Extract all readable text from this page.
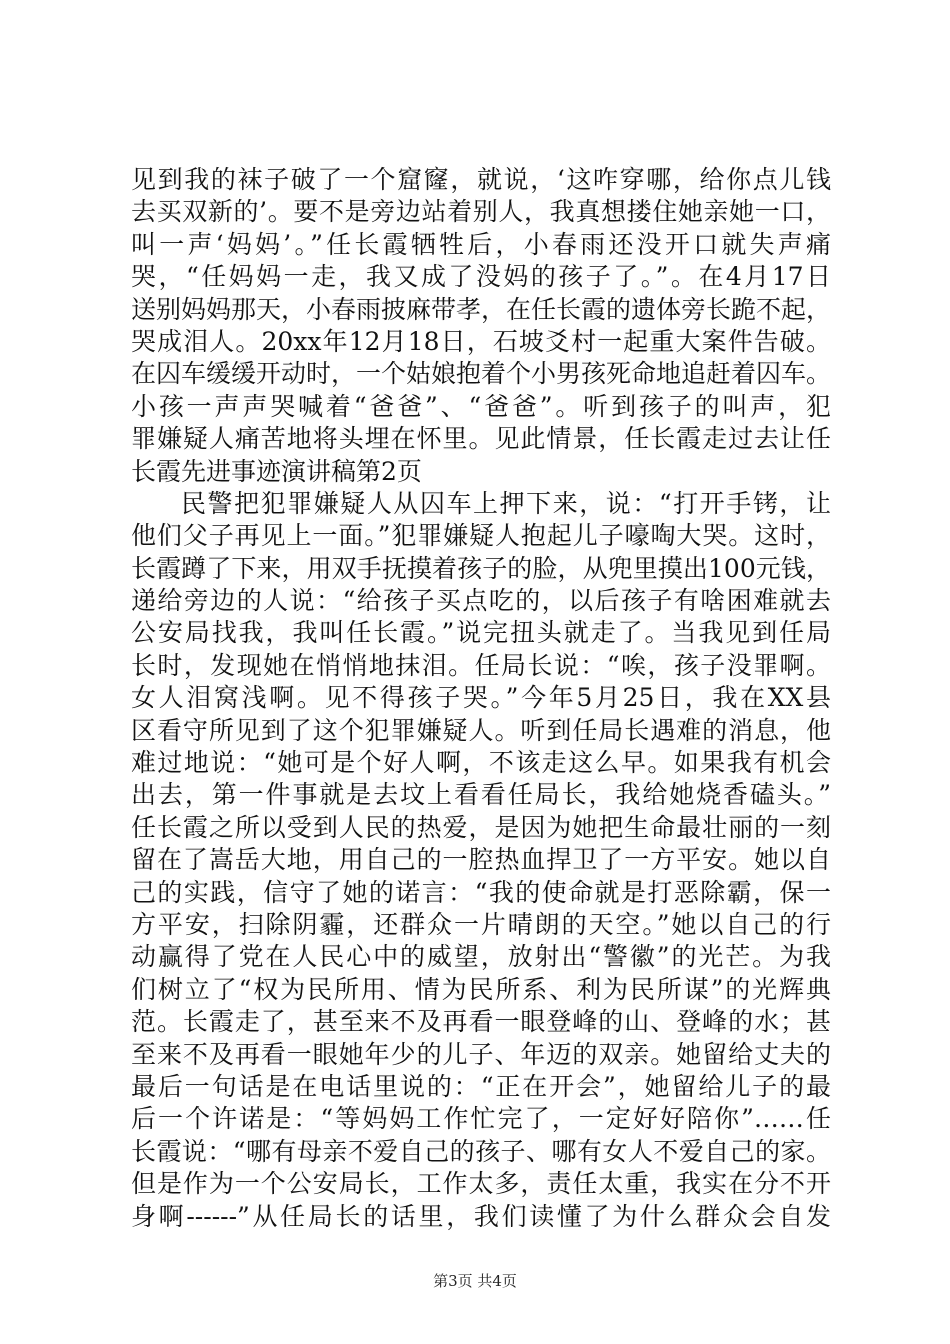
见到我的袜子破了一个窟窿，就说，‘这咋穿哪，给你点儿钱
去买双新的’。要不是旁边站着别人，我真想搂住她亲她一口，
叫一声‘妈妈’。”任长霞牺牲后，小春雨还没开口就失声痛
哭，“任妈妈一走，我又成了没妈的孩子了。”。在4月17日
送别妈妈那天，小春雨披麻带孝，在任长霞的遗体旁长跪不起，
哭成泪人。20xx年12月18日，石坡爻村一起重大案件告破。
在囚车缓缓开动时，一个姑娘抱着个小男孩死命地追赶着囚车。
小孩一声声哭喊着“爸爸”、“爸爸”。听到孩子的叫声，犯
罪嫌疑人痛苦地将头埋在怀里。见此情景，任长霞走过去让任
长霞先进事迹演讲稿第2页
民警把犯罪嫌疑人从囚车上押下来，说：“打开手铐，让
他们父子再见上一面。”犯罪嫌疑人抱起儿子嚎啕大哭。这时，
长霞蹲了下来，用双手抚摸着孩子的脸，从兜里摸出100元钱，
递给旁边的人说：“给孩子买点吃的，以后孩子有啥困难就去
公安局找我，我叫任长霞。”说完扭头就走了。当我见到任局
长时，发现她在悄悄地抹泪。任局长说：“唉，孩子没罪啊。
女人泪窝浅啊。见不得孩子哭。”今年5月25日，我在XX县
区看守所见到了这个犯罪嫌疑人。听到任局长遇难的消息，他
难过地说：“她可是个好人啊，不该走这么早。如果我有机会
出去，第一件事就是去坟上看看任局长，我给她烧香磕头。”
任长霞之所以受到人民的热爱，是因为她把生命最壮丽的一刻
留在了嵩岳大地，用自己的一腔热血捍卫了一方平安。她以自
己的实践，信守了她的诺言：“我的使命就是打恶除霸，保一
方平安，扫除阴霾，还群众一片晴朗的天空。”她以自己的行
动赢得了党在人民心中的威望，放射出“警徽”的光芒。为我
们树立了“权为民所用、情为民所系、利为民所谋”的光辉典
范。长霞走了，甚至来不及再看一眼登峰的山、登峰的水；甚
至来不及再看一眼她年少的儿子、年迈的双亲。她留给丈夫的
最后一句话是在电话里说的：“正在开会”，她留给儿子的最
后一个许诺是：“等妈妈工作忙完了，一定好好陪你”……任
长霞说：“哪有母亲不爱自己的孩子、哪有女人不爱自己的家。
但是作为一个公安局长，工作太多，责任太重，我实在分不开
身啊------”从任局长的话里，我们读懂了为什么群众会自发
第3页 共4页
